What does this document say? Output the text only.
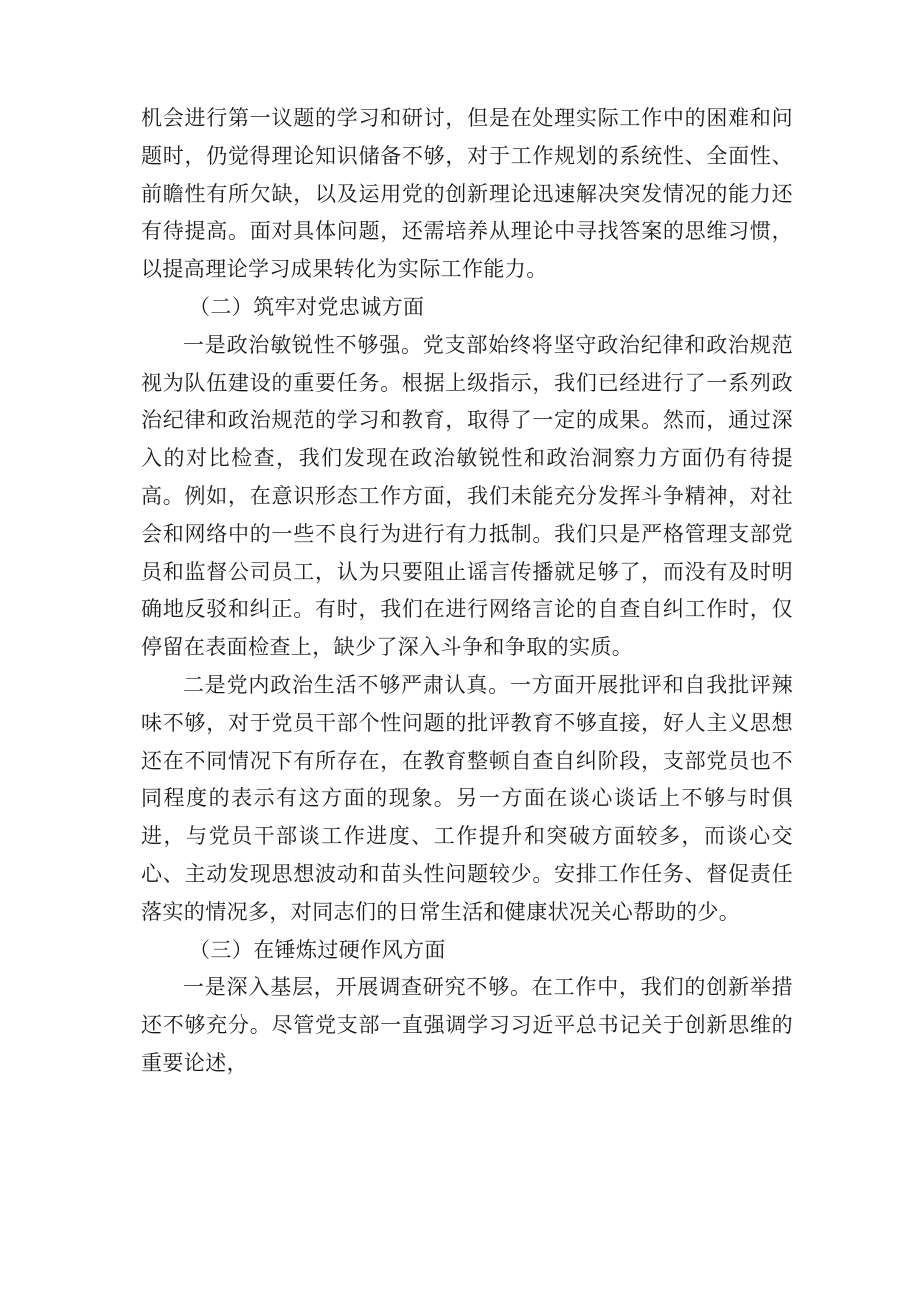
机会进行第一议题的学习和研讨，但是在处理实际工作中的困难和问题时，仍觉得理论知识储备不够，对于工作规划的系统性、全面性、前瞻性有所欠缺，以及运用党的创新理论迅速解决突发情况的能力还有待提高。面对具体问题，还需培养从理论中寻找答案的思维习惯，以提高理论学习成果转化为实际工作能力。

（二）筑牢对党忠诚方面

一是政治敏锐性不够强。党支部始终将坚守政治纪律和政治规范视为队伍建设的重要任务。根据上级指示，我们已经进行了一系列政治纪律和政治规范的学习和教育，取得了一定的成果。然而，通过深入的对比检查，我们发现在政治敏锐性和政治洞察力方面仍有待提高。例如，在意识形态工作方面，我们未能充分发挥斗争精神，对社会和网络中的一些不良行为进行有力抵制。我们只是严格管理支部党员和监督公司员工，认为只要阻止谣言传播就足够了，而没有及时明确地反驳和纠正。有时，我们在进行网络言论的自查自纠工作时，仅停留在表面检查上，缺少了深入斗争和争取的实质。

二是党内政治生活不够严肃认真。一方面开展批评和自我批评辣味不够，对于党员干部个性问题的批评教育不够直接，好人主义思想还在不同情况下有所存在，在教育整顿自查自纠阶段，支部党员也不同程度的表示有这方面的现象。另一方面在谈心谈话上不够与时俱进，与党员干部谈工作进度、工作提升和突破方面较多，而谈心交心、主动发现思想波动和苗头性问题较少。安排工作任务、督促责任落实的情况多，对同志们的日常生活和健康状况关心帮助的少。

（三）在锤炼过硬作风方面

一是深入基层，开展调查研究不够。在工作中，我们的创新举措还不够充分。尽管党支部一直强调学习习近平总书记关于创新思维的重要论述，
